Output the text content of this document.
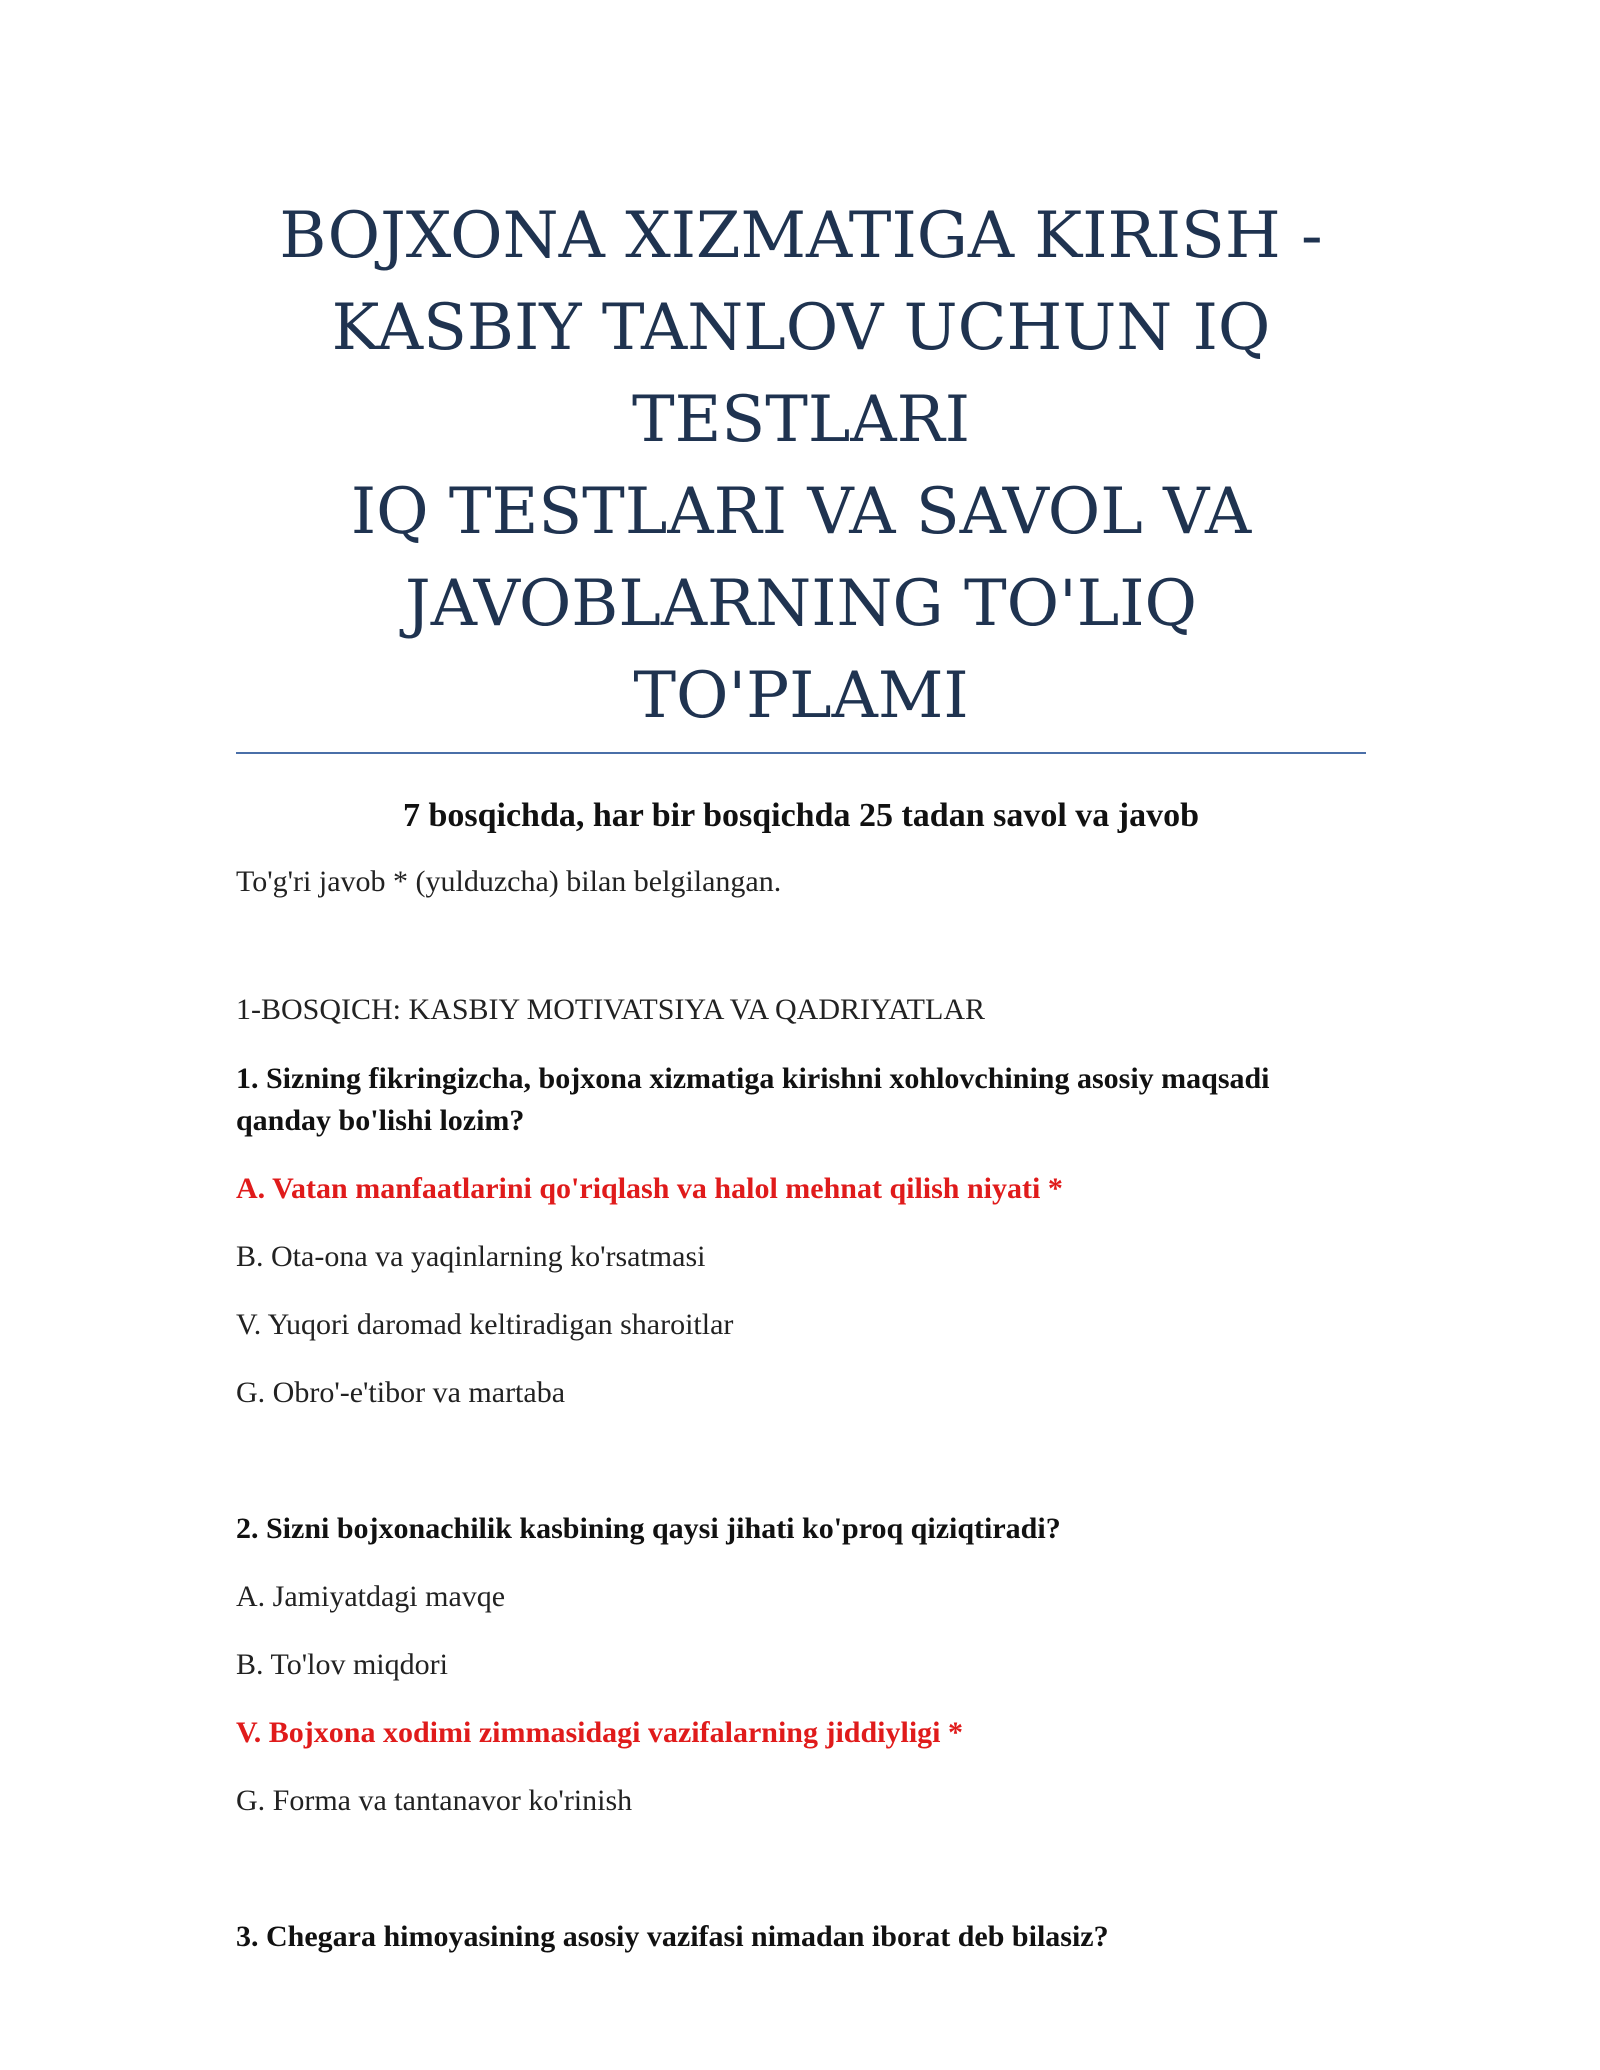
BOJXONA XIZMATIGA KIRISH -
KASBIY TANLOV UCHUN IQ
TESTLARI
IQ TESTLARI VA SAVOL VA
JAVOBLARNING TO'LIQ TO'PLAMI

7 bosqichda, har bir bosqichda 25 tadan savol va javob

To'g'ri javob * (yulduzcha) bilan belgilangan.

1-BOSQICH: KASBIY MOTIVATSIYA VA QADRIYATLAR

1. Sizning fikringizcha, bojxona xizmatiga kirishni xohlovchining asosiy maqsadi qanday bo'lishi lozim?

A. Vatan manfaatlarini qo'riqlash va halol mehnat qilish niyati *

B. Ota-ona va yaqinlarning ko'rsatmasi

V. Yuqori daromad keltiradigan sharoitlar

G. Obro'-e'tibor va martaba

2. Sizni bojxonachilik kasbining qaysi jihati ko'proq qiziqtiradi?

A. Jamiyatdagi mavqe

B. To'lov miqdori

V. Bojxona xodimi zimmasidagi vazifalarning jiddiyligi *

G. Forma va tantanavor ko'rinish

3. Chegara himoyasining asosiy vazifasi nimadan iborat deb bilasiz?
